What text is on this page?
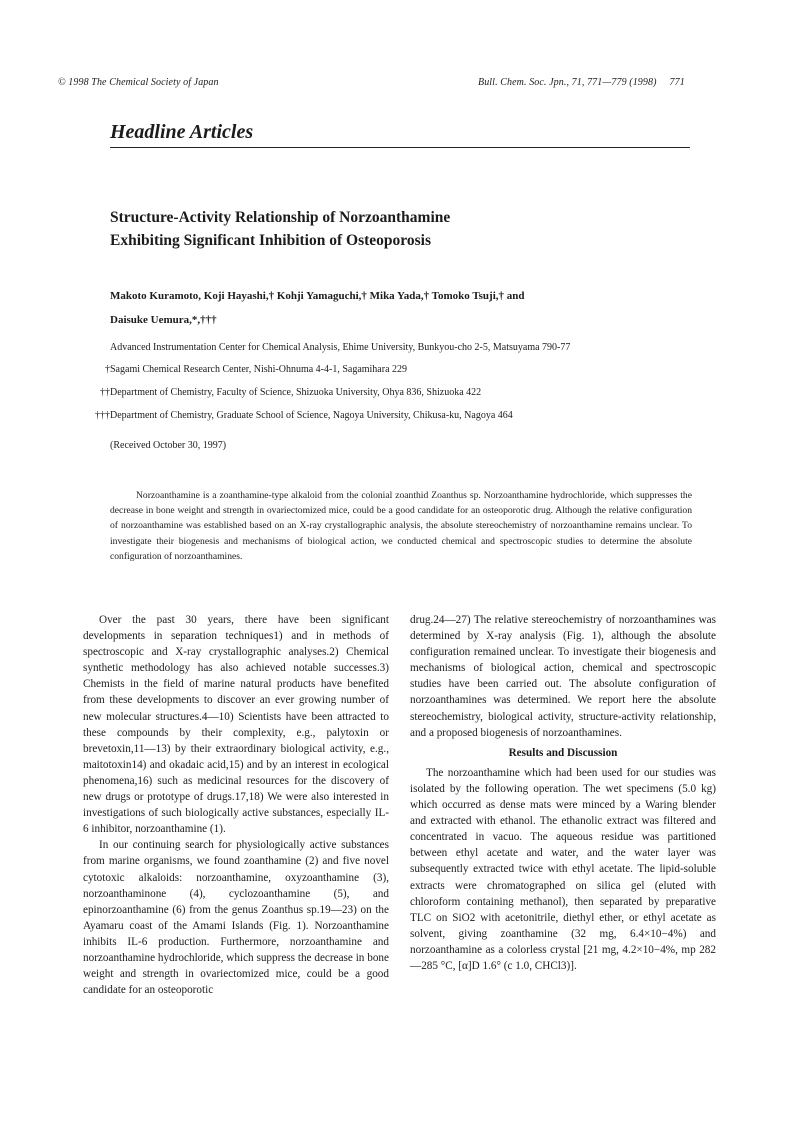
© 1998 The Chemical Society of Japan	Bull. Chem. Soc. Jpn., 71, 771—779 (1998)     771
Headline Articles
Structure-Activity Relationship of Norzoanthamine
Exhibiting Significant Inhibition of Osteoporosis
Makoto Kuramoto, Koji Hayashi,† Kohji Yamaguchi,† Mika Yada,† Tomoko Tsuji,† and
Daisuke Uemura,*,†††
Advanced Instrumentation Center for Chemical Analysis, Ehime University, Bunkyou-cho 2-5, Matsuyama 790-77
†Sagami Chemical Research Center, Nishi-Ohnuma 4-4-1, Sagamihara 229
††Department of Chemistry, Faculty of Science, Shizuoka University, Ohya 836, Shizuoka 422
†††Department of Chemistry, Graduate School of Science, Nagoya University, Chikusa-ku, Nagoya 464
(Received October 30, 1997)
Norzoanthamine is a zoanthamine-type alkaloid from the colonial zoanthid Zoanthus sp. Norzoanthamine hydrochloride, which suppresses the decrease in bone weight and strength in ovariectomized mice, could be a good candidate for an osteoporotic drug. Although the relative configuration of norzoanthamine was established based on an X-ray crystallographic analysis, the absolute stereochemistry of norzoanthamine remains unclear. To investigate their biogenesis and mechanisms of biological action, we conducted chemical and spectroscopic studies to determine the absolute configuration of norzoanthamines.

Over the past 30 years, there have been significant developments in separation techniques1) and in methods of spectroscopic and X-ray crystallographic analyses.2) Chemical synthetic methodology has also achieved notable successes.3) Chemists in the field of marine natural products have benefited from these developments to discover an ever growing number of new molecular structures.4—10) Scientists have been attracted to these compounds by their complexity, e.g., palytoxin or brevetoxin,11—13) by their extraordinary biological activity, e.g., maitotoxin14) and okadaic acid,15) and by an interest in ecological phenomena,16) such as medicinal resources for the discovery of new drugs or prototype of drugs.17,18) We were also interested in investigations of such biologically active substances, especially IL-6 inhibitor, norzoanthamine (1).

In our continuing search for physiologically active substances from marine organisms, we found zoanthamine (2) and five novel cytotoxic alkaloids: norzoanthamine, oxyzoanthamine (3), norzoanthaminone (4), cyclozoanthamine (5), and epinorzoanthamine (6) from the genus Zoanthus sp.19—23) on the Ayamaru coast of the Amami Islands (Fig. 1). Norzoanthamine inhibits IL-6 production. Furthermore, norzoanthamine and norzoanthamine hydrochloride, which suppress the decrease in bone weight and strength in ovariectomized mice, could be a good candidate for an osteoporotic

drug.24—27) The relative stereochemistry of norzoanthamines was determined by X-ray analysis (Fig. 1), although the absolute configuration remained unclear. To investigate their biogenesis and mechanisms of biological action, chemical and spectroscopic studies have been carried out. The absolute configuration of norzoanthamines was determined. We report here the absolute stereochemistry, biological activity, structure-activity relationship, and a proposed biogenesis of norzoanthamines.

Results and Discussion

The norzoanthamine which had been used for our studies was isolated by the following operation. The wet specimens (5.0 kg) which occurred as dense mats were minced by a Waring blender and extracted with ethanol. The ethanolic extract was filtered and concentrated in vacuo. The aqueous residue was partitioned between ethyl acetate and water, and the water layer was subsequently extracted twice with ethyl acetate. The lipid-soluble extracts were chromatographed on silica gel (eluted with chloroform containing methanol), then separated by preparative TLC on SiO2 with acetonitrile, diethyl ether, or ethyl acetate as solvent, giving zoanthamine (32 mg, 6.4×10−4%) and norzoanthamine as a colorless crystal [21 mg, 4.2×10−4%, mp 282—285 °C, [α]D 1.6° (c 1.0, CHCl3)].
